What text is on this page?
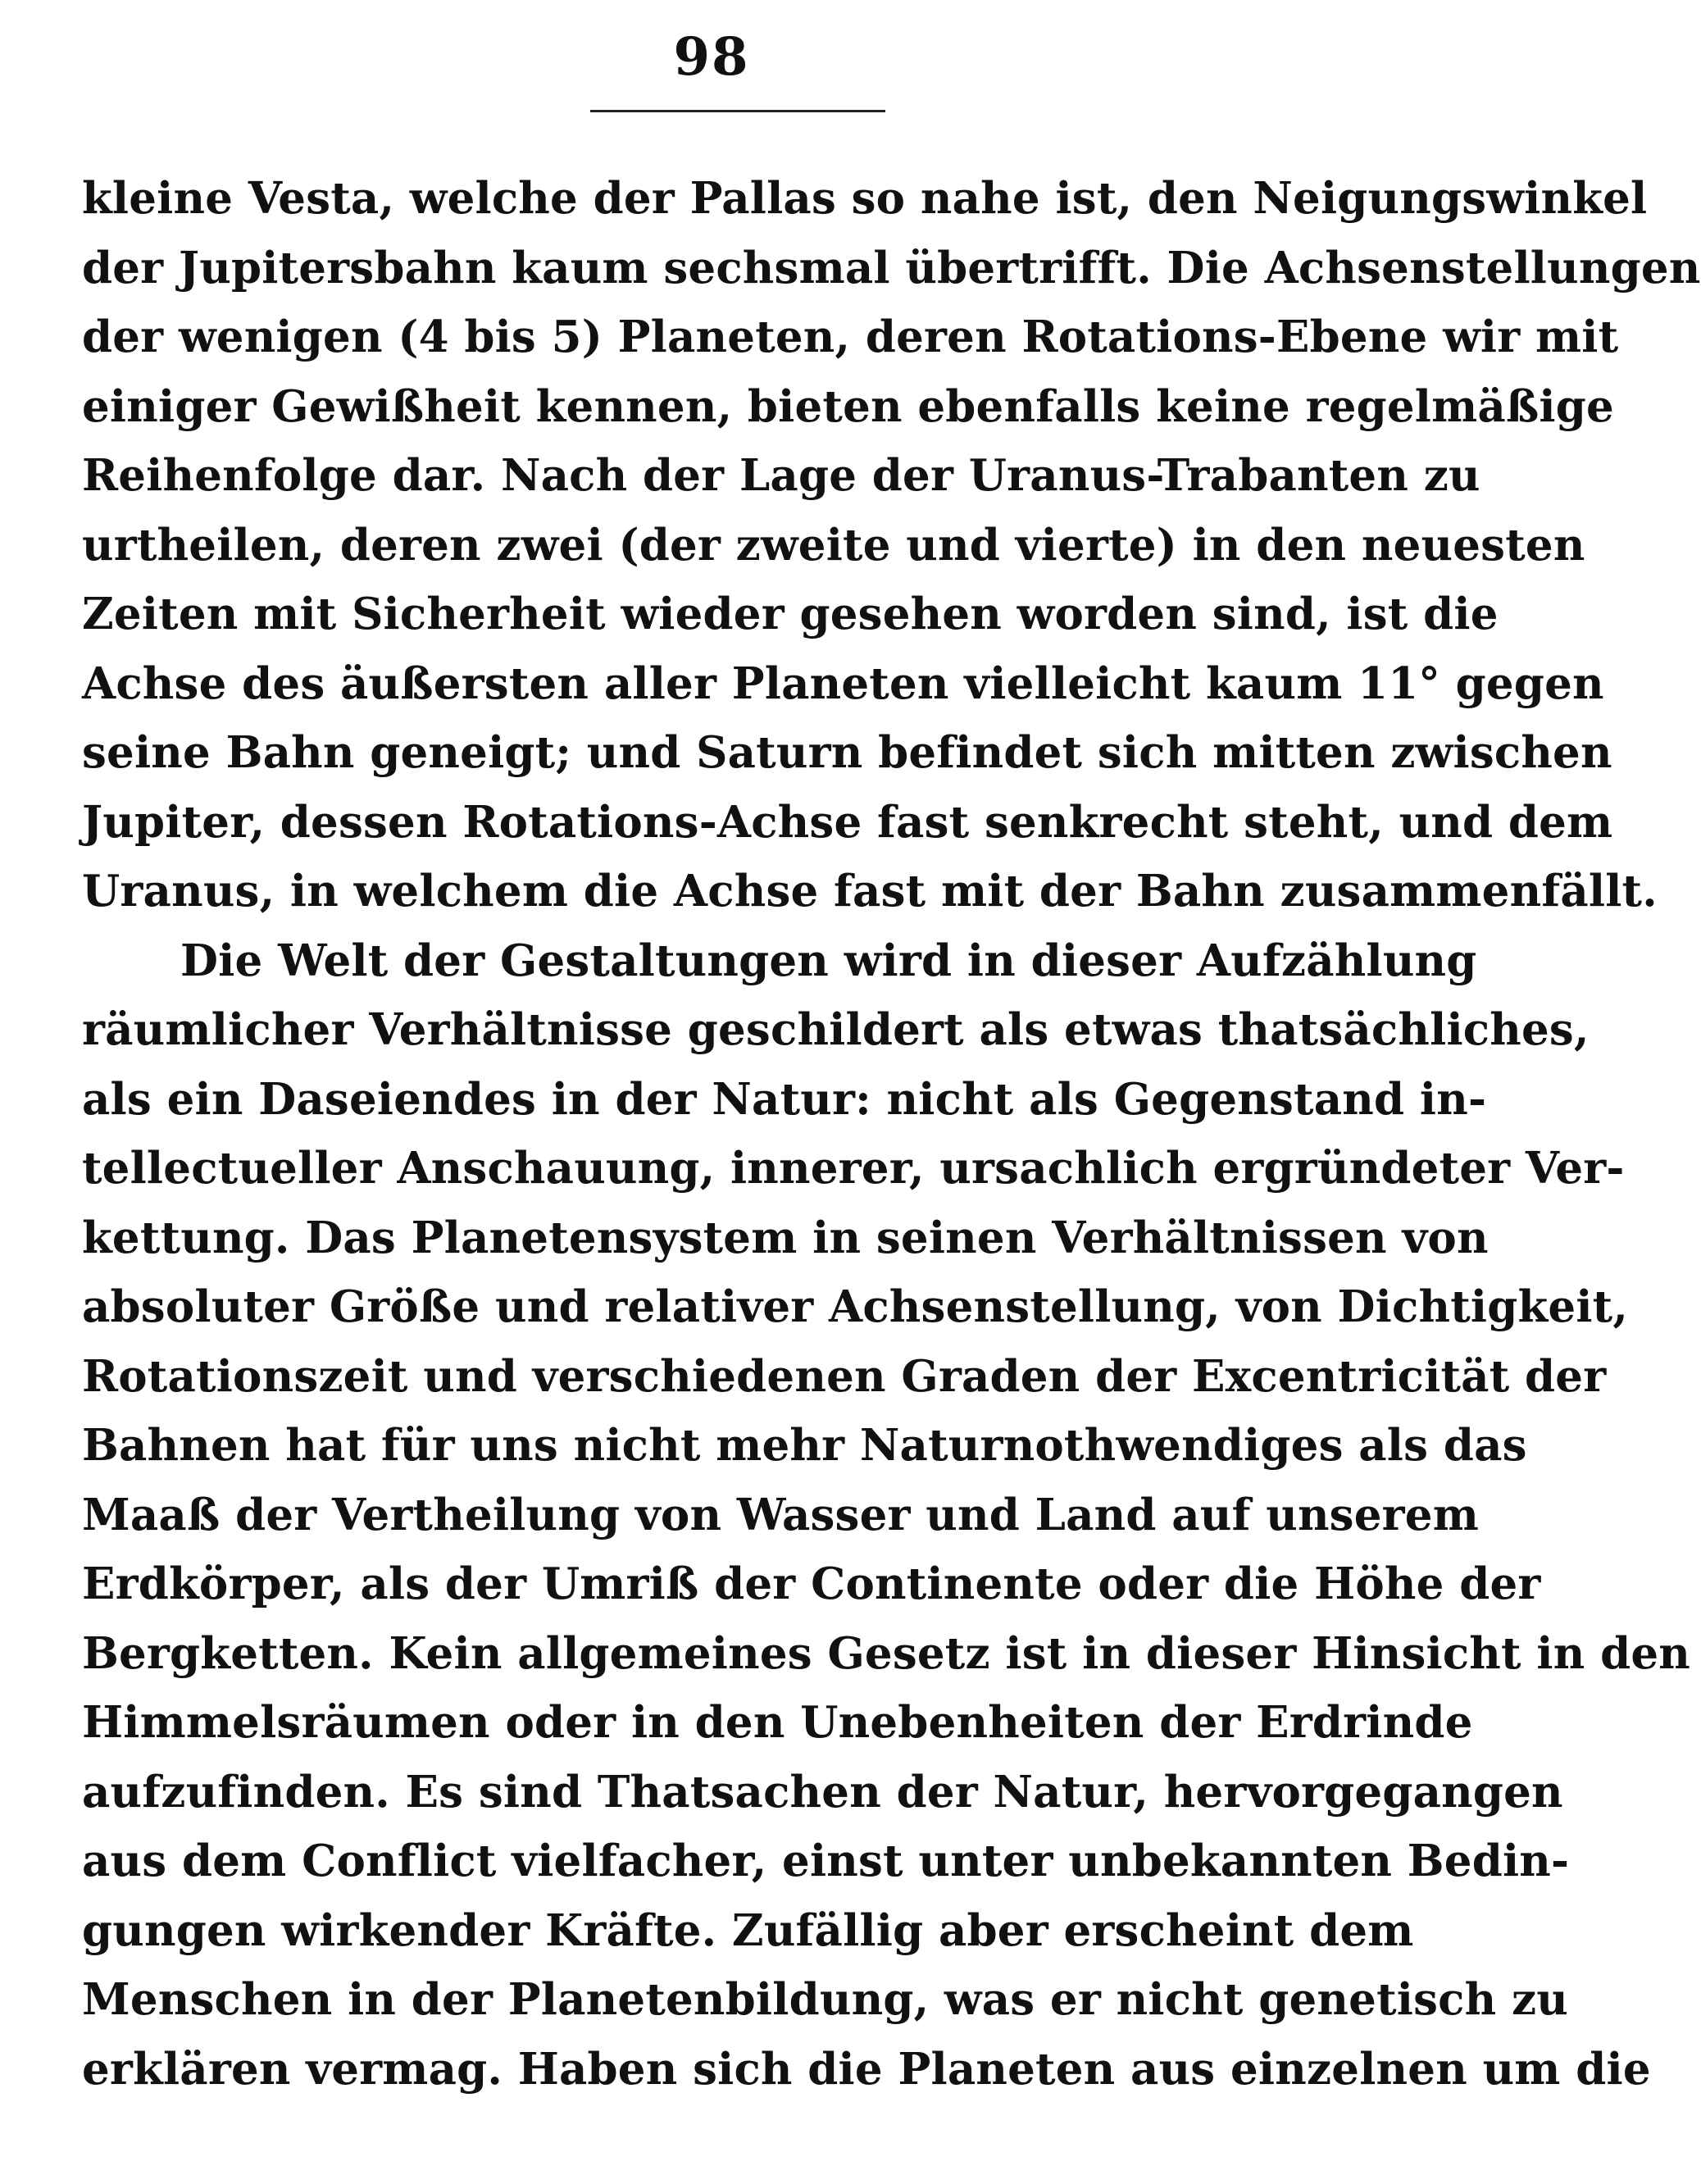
98
kleine Vesta, welche der Pallas so nahe ist, den Neigungswinkel
der Jupitersbahn kaum sechsmal übertrifft. Die Achsenstellungen
der wenigen (4 bis 5) Planeten, deren Rotations-Ebene wir mit
einiger Gewißheit kennen, bieten ebenfalls keine regelmäßige
Reihenfolge dar. Nach der Lage der Uranus-Trabanten zu
urtheilen, deren zwei (der zweite und vierte) in den neuesten
Zeiten mit Sicherheit wieder gesehen worden sind, ist die
Achse des äußersten aller Planeten vielleicht kaum 11° gegen
seine Bahn geneigt; und Saturn befindet sich mitten zwischen
Jupiter, dessen Rotations-Achse fast senkrecht steht, und dem
Uranus, in welchem die Achse fast mit der Bahn zusammenfällt.
Die Welt der Gestaltungen wird in dieser Aufzählung
räumlicher Verhältnisse geschildert als etwas thatsächliches,
als ein Daseiendes in der Natur: nicht als Gegenstand in-
tellectueller Anschauung, innerer, ursachlich ergründeter Ver-
kettung. Das Planetensystem in seinen Verhältnissen von
absoluter Größe und relativer Achsenstellung, von Dichtigkeit,
Rotationszeit und verschiedenen Graden der Excentricität der
Bahnen hat für uns nicht mehr Naturnothwendiges als das
Maaß der Vertheilung von Wasser und Land auf unserem
Erdkörper, als der Umriß der Continente oder die Höhe der
Bergketten. Kein allgemeines Gesetz ist in dieser Hinsicht in den
Himmelsräumen oder in den Unebenheiten der Erdrinde
aufzufinden. Es sind Thatsachen der Natur, hervorgegangen
aus dem Conflict vielfacher, einst unter unbekannten Bedin-
gungen wirkender Kräfte. Zufällig aber erscheint dem
Menschen in der Planetenbildung, was er nicht genetisch zu
erklären vermag. Haben sich die Planeten aus einzelnen um die
